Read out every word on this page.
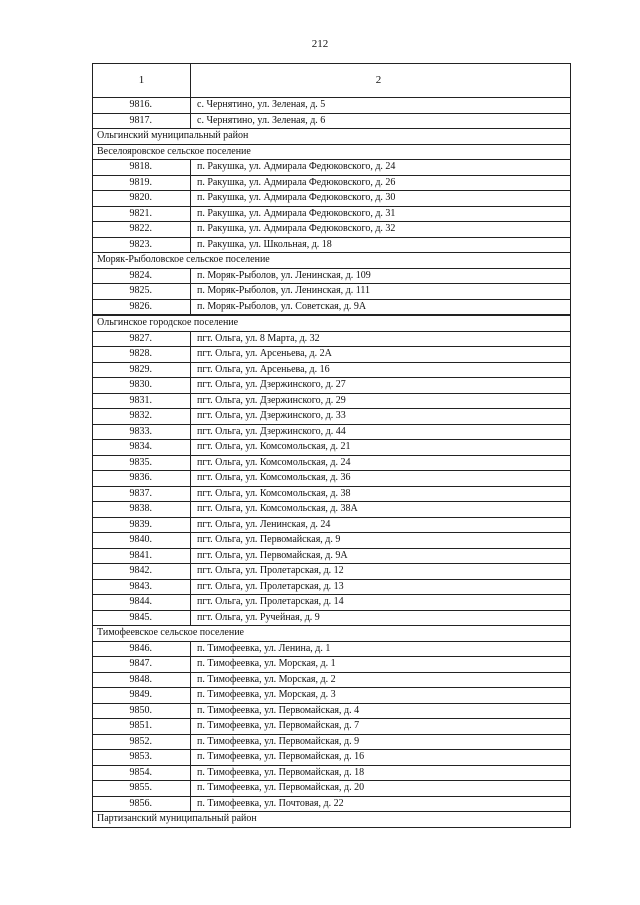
212
1	2
9816.	с. Чернятино, ул. Зеленая, д. 5
9817.	с. Чернятино, ул. Зеленая, д. 6
Ольгинский муниципальный район	
Веселояровское сельское поселение	
9818.	п. Ракушка, ул. Адмирала Федюковского, д. 24
9819.	п. Ракушка, ул. Адмирала Федюковского, д. 26
9820.	п. Ракушка, ул. Адмирала Федюковского, д. 30
9821.	п. Ракушка, ул. Адмирала Федюковского, д. 31
9822.	п. Ракушка, ул. Адмирала Федюковского, д. 32
9823.	п. Ракушка, ул. Школьная, д. 18
Моряк-Рыболовское сельское поселение	
9824.	п. Моряк-Рыболов, ул. Ленинская, д. 109
9825.	п. Моряк-Рыболов, ул. Ленинская, д. 111
9826.	п. Моряк-Рыболов, ул. Советская, д. 9А
Ольгинское городское поселение	
9827.	пгт. Ольга, ул. 8 Марта, д. 32
9828.	пгт. Ольга, ул. Арсеньева, д. 2А
9829.	пгт. Ольга, ул. Арсеньева, д. 16
9830.	пгт. Ольга, ул. Дзержинского, д. 27
9831.	пгт. Ольга, ул. Дзержинского, д. 29
9832.	пгт. Ольга, ул. Дзержинского, д. 33
9833.	пгт. Ольга, ул. Дзержинского, д. 44
9834.	пгт. Ольга, ул. Комсомольская, д. 21
9835.	пгт. Ольга, ул. Комсомольская, д. 24
9836.	пгт. Ольга, ул. Комсомольская, д. 36
9837.	пгт. Ольга, ул. Комсомольская, д. 38
9838.	пгт. Ольга, ул. Комсомольская, д. 38А
9839.	пгт. Ольга, ул. Ленинская, д. 24
9840.	пгт. Ольга, ул. Первомайская, д. 9
9841.	пгт. Ольга, ул. Первомайская, д. 9А
9842.	пгт. Ольга, ул. Пролетарская, д. 12
9843.	пгт. Ольга, ул. Пролетарская, д. 13
9844.	пгт. Ольга, ул. Пролетарская, д. 14
9845.	пгт. Ольга, ул. Ручейная, д. 9
Тимофеевское сельское поселение	
9846.	п. Тимофеевка, ул. Ленина, д. 1
9847.	п. Тимофеевка, ул. Морская, д. 1
9848.	п. Тимофеевка, ул. Морская, д. 2
9849.	п. Тимофеевка, ул. Морская, д. 3
9850.	п. Тимофеевка, ул. Первомайская, д. 4
9851.	п. Тимофеевка, ул. Первомайская, д. 7
9852.	п. Тимофеевка, ул. Первомайская, д. 9
9853.	п. Тимофеевка, ул. Первомайская, д. 16
9854.	п. Тимофеевка, ул. Первомайская, д. 18
9855.	п. Тимофеевка, ул. Первомайская, д. 20
9856.	п. Тимофеевка, ул. Почтовая, д. 22
Партизанский муниципальный район	
